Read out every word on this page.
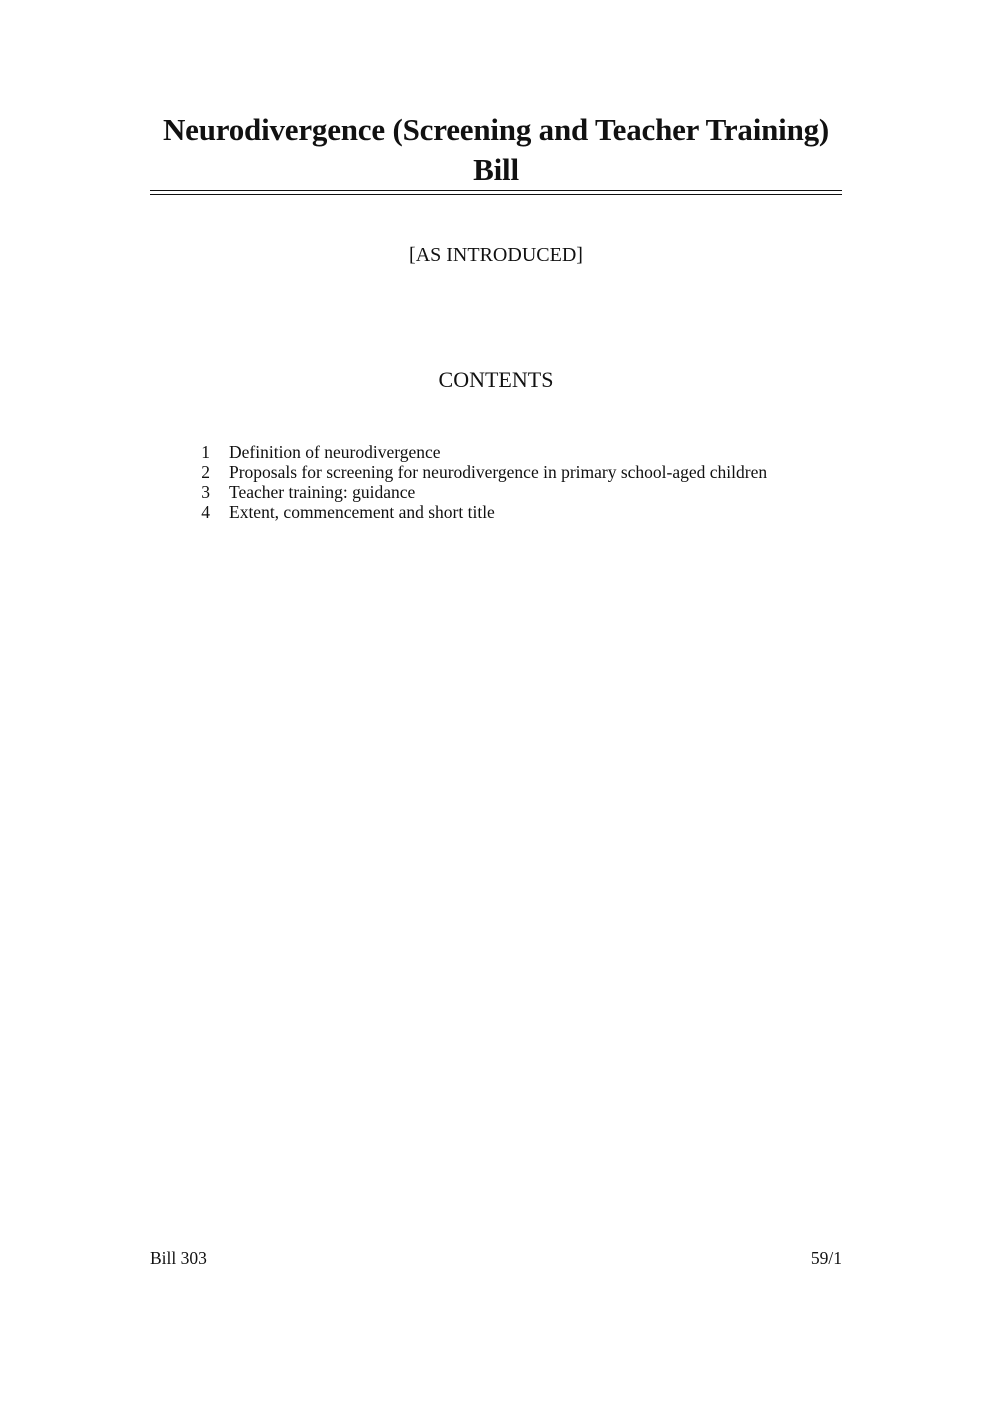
Neurodivergence (Screening and Teacher Training)
Bill
[AS INTRODUCED]
CONTENTS
1 Definition of neurodivergence
2 Proposals for screening for neurodivergence in primary school-aged children
3 Teacher training: guidance
4 Extent, commencement and short title
Bill 303	59/1
